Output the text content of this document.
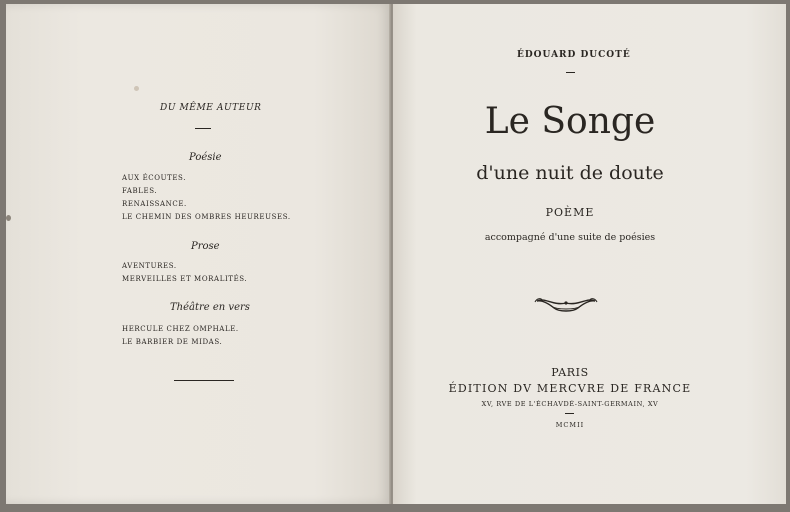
DU MÊME AUTEUR
Poésie
AUX ÉCOUTES.
FABLES.
RENAISSANCE.
LE CHEMIN DES OMBRES HEUREUSES.
Prose
AVENTURES.
MERVEILLES ET MORALITÉS.
Théâtre en vers
HERCULE CHEZ OMPHALE.
LE BARBIER DE MIDAS.
ÉDOUARD DUCOTÉ
Le Songe
d'une nuit de doute
POÈME
accompagné d'une suite de poésies
PARIS
ÉDITION DV MERCVRE DE FRANCE
XV, RVE DE L'ÉCHAVDÉ-SAINT-GERMAIN, XV
MCMII
